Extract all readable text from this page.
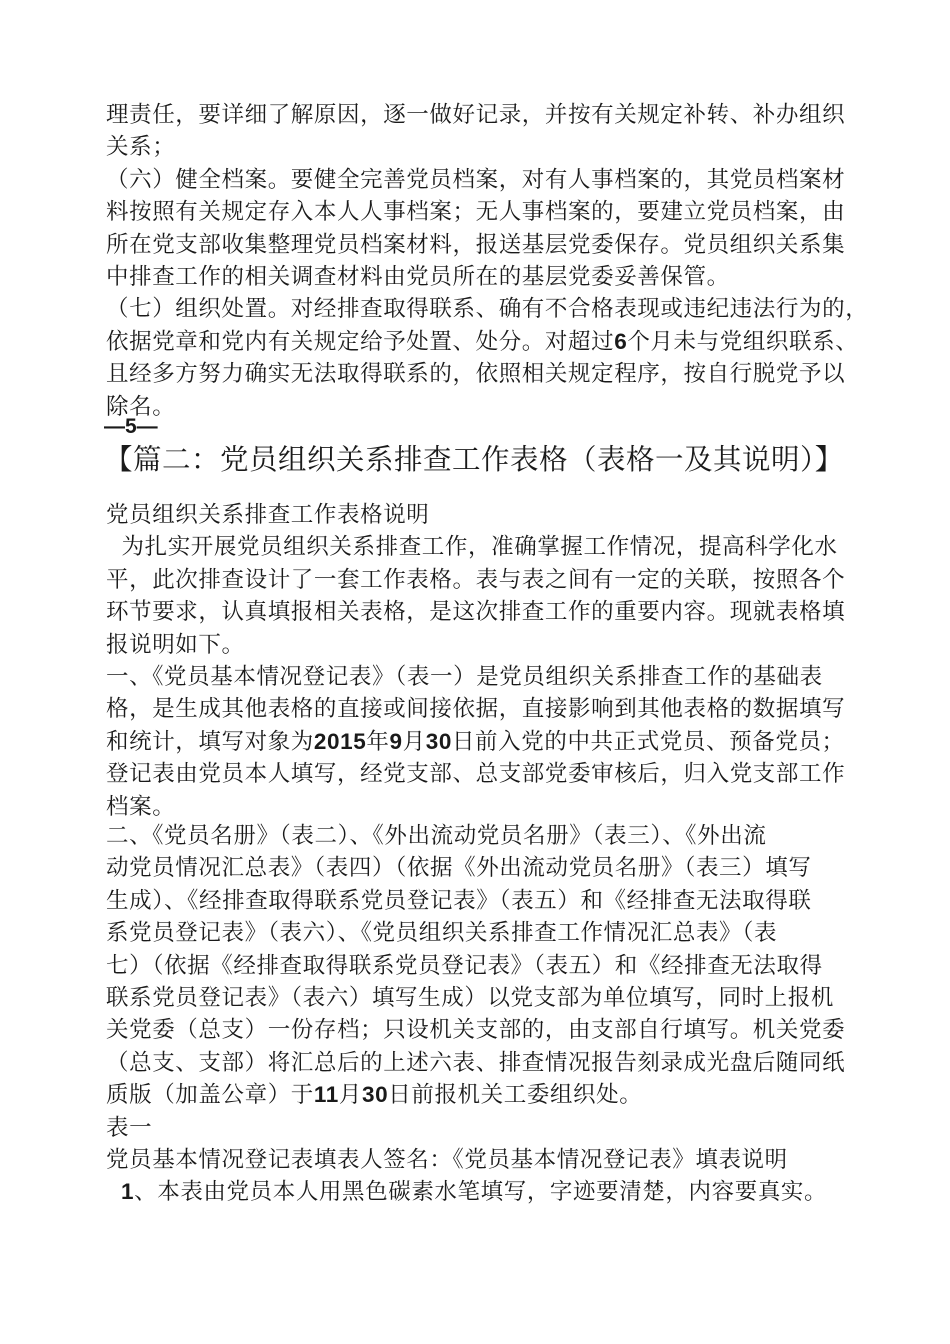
理责任，要详细了解原因，逐一做好记录，并按有关规定补转、补办组织
关系；
（六）健全档案。要健全完善党员档案，对有人事档案的，其党员档案材
料按照有关规定存入本人人事档案；无人事档案的，要建立党员档案，由
所在党支部收集整理党员档案材料，报送基层党委保存。党员组织关系集
中排查工作的相关调查材料由党员所在的基层党委妥善保管。
（七）组织处置。对经排查取得联系、确有不合格表现或违纪违法行为的，
依据党章和党内有关规定给予处置、处分。对超过6个月未与党组织联系、
且经多方努力确实无法取得联系的，依照相关规定程序，按自行脱党予以
除名。
—5—
【篇二：党员组织关系排查工作表格（表格一及其说明）】
党员组织关系排查工作表格说明
为扎实开展党员组织关系排查工作，准确掌握工作情况，提高科学化水
平，此次排查设计了一套工作表格。表与表之间有一定的关联，按照各个
环节要求，认真填报相关表格，是这次排查工作的重要内容。现就表格填
报说明如下。
一、《党员基本情况登记表》（表一）是党员组织关系排查工作的基础表
格，是生成其他表格的直接或间接依据，直接影响到其他表格的数据填写
和统计，填写对象为2015年9月30日前入党的中共正式党员、预备党员；
登记表由党员本人填写，经党支部、总支部党委审核后，归入党支部工作
档案。
二、《党员名册》（表二）、《外出流动党员名册》（表三）、《外出流
动党员情况汇总表》（表四）（依据《外出流动党员名册》（表三）填写
生成）、《经排查取得联系党员登记表》（表五）和《经排查无法取得联
系党员登记表》（表六）、《党员组织关系排查工作情况汇总表》（表
七）（依据《经排查取得联系党员登记表》（表五）和《经排查无法取得
联系党员登记表》（表六）填写生成）以党支部为单位填写，同时上报机
关党委（总支）一份存档；只设机关支部的，由支部自行填写。机关党委
（总支、支部）将汇总后的上述六表、排查情况报告刻录成光盘后随同纸
质版（加盖公章）于11月30日前报机关工委组织处。
表一
党员基本情况登记表填表人签名：《党员基本情况登记表》填表说明
1、本表由党员本人用黑色碳素水笔填写，字迹要清楚，内容要真实。
